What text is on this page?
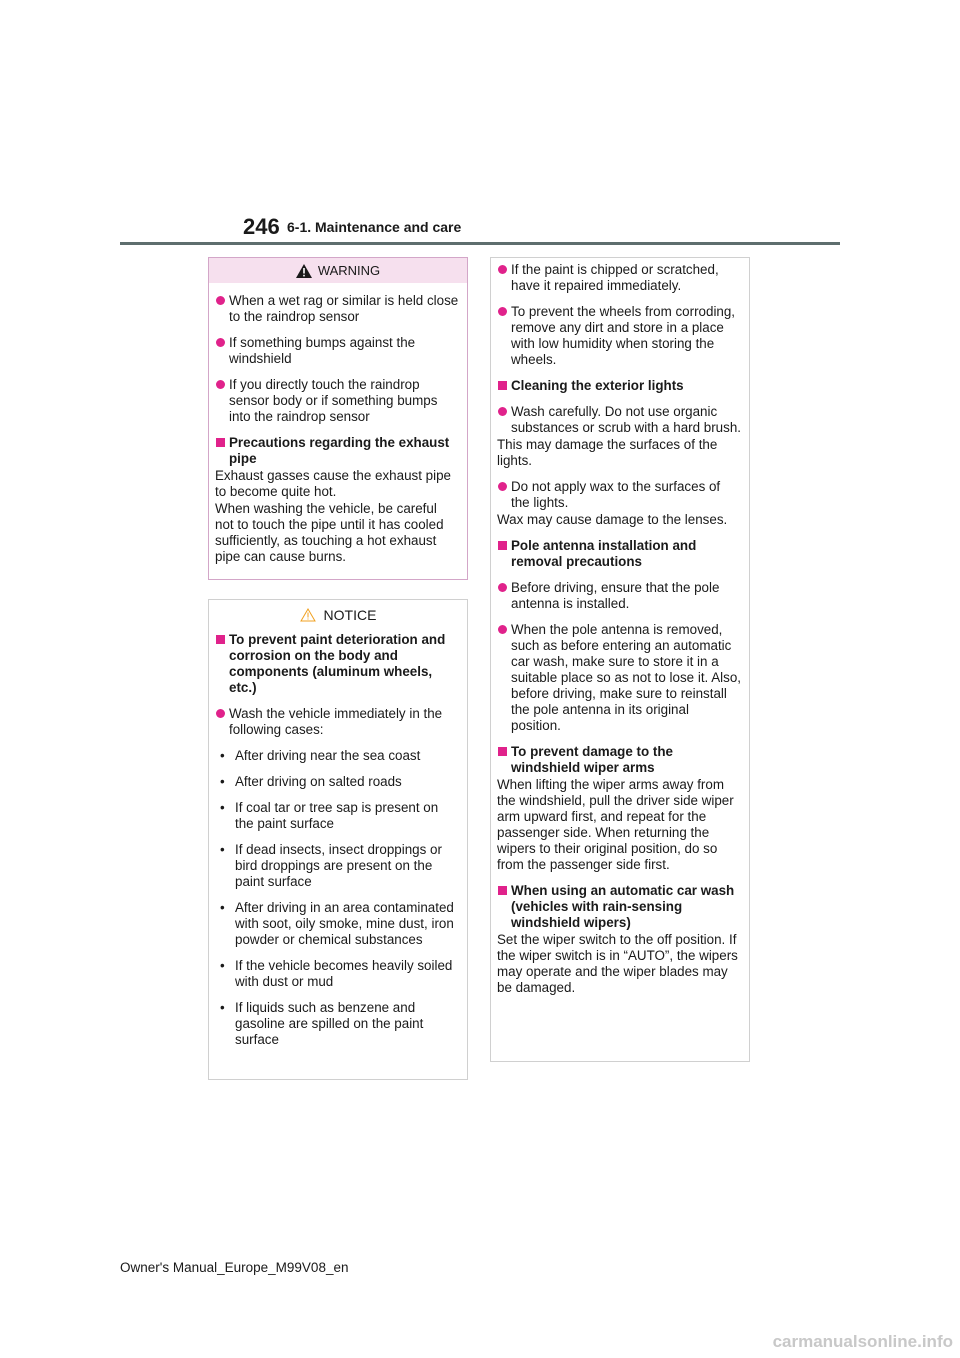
246 6-1. Maintenance and care
WARNING
When a wet rag or similar is held close to the raindrop sensor
If something bumps against the windshield
If you directly touch the raindrop sensor body or if something bumps into the raindrop sensor
Precautions regarding the exhaust pipe
Exhaust gasses cause the exhaust pipe to become quite hot.
When washing the vehicle, be careful not to touch the pipe until it has cooled sufficiently, as touching a hot exhaust pipe can cause burns.
NOTICE
To prevent paint deterioration and corrosion on the body and components (aluminum wheels, etc.)
Wash the vehicle immediately in the following cases:
• After driving near the sea coast
• After driving on salted roads
• If coal tar or tree sap is present on the paint surface
• If dead insects, insect droppings or bird droppings are present on the paint surface
• After driving in an area contaminated with soot, oily smoke, mine dust, iron powder or chemical substances
• If the vehicle becomes heavily soiled with dust or mud
• If liquids such as benzene and gasoline are spilled on the paint surface
If the paint is chipped or scratched, have it repaired immediately.
To prevent the wheels from corroding, remove any dirt and store in a place with low humidity when storing the wheels.
Cleaning the exterior lights
Wash carefully. Do not use organic substances or scrub with a hard brush.
This may damage the surfaces of the lights.
Do not apply wax to the surfaces of the lights.
Wax may cause damage to the lenses.
Pole antenna installation and removal precautions
Before driving, ensure that the pole antenna is installed.
When the pole antenna is removed, such as before entering an automatic car wash, make sure to store it in a suitable place so as not to lose it. Also, before driving, make sure to reinstall the pole antenna in its original position.
To prevent damage to the windshield wiper arms
When lifting the wiper arms away from the windshield, pull the driver side wiper arm upward first, and repeat for the passenger side. When returning the wipers to their original position, do so from the passenger side first.
When using an automatic car wash (vehicles with rain-sensing windshield wipers)
Set the wiper switch to the off position. If the wiper switch is in “AUTO”, the wipers may operate and the wiper blades may be damaged.
Owner's Manual_Europe_M99V08_en
carmanualsonline.info
